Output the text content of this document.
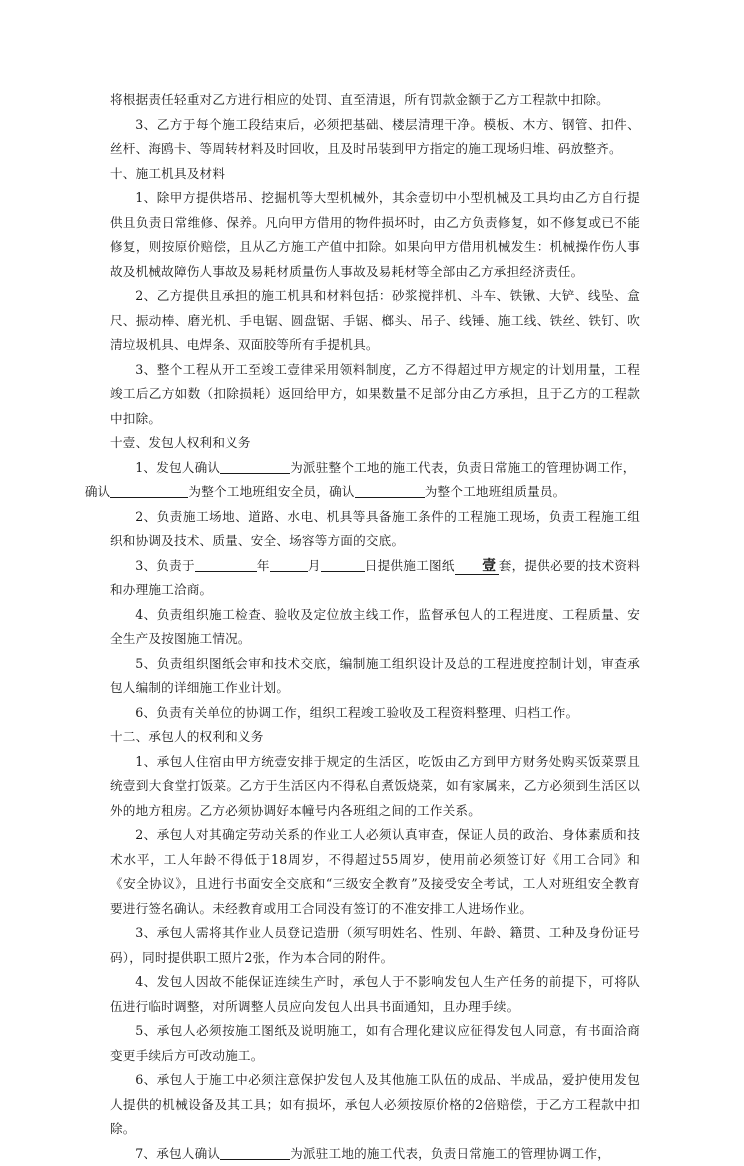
将根据责任轻重对乙方进行相应的处罚、直至清退，所有罚款金额于乙方工程款中扣除。

3、乙方于每个施工段结束后，必须把基础、楼层清理干净。模板、木方、钢管、扣件、丝杆、海鸥卡、等周转材料及时回收，且及时吊装到甲方指定的施工现场归堆、码放整齐。

十、施工机具及材料

1、除甲方提供塔吊、挖掘机等大型机械外，其余壹切中小型机械及工具均由乙方自行提供且负责日常维修、保养。凡向甲方借用的物件损坏时，由乙方负责修复，如不修复或已不能修复，则按原价赔偿，且从乙方施工产值中扣除。如果向甲方借用机械发生：机械操作伤人事故及机械故障伤人事故及易耗材质量伤人事故及易耗材等全部由乙方承担经济责任。

2、乙方提供且承担的施工机具和材料包括：砂浆搅拌机、斗车、铁锹、大铲、线坠、盒尺、振动棒、磨光机、手电锯、圆盘锯、手锯、榔头、吊子、线锤、施工线、铁丝、铁钉、吹清垃圾机具、电焊条、双面胶等所有手提机具。

3、整个工程从开工至竣工壹律采用领料制度，乙方不得超过甲方规定的计划用量，工程竣工后乙方如数（扣除损耗）返回给甲方，如果数量不足部分由乙方承担，且于乙方的工程款中扣除。

十壹、发包人权利和义务

1、发包人确认	为派驻整个工地的施工代表，负责日常施工的管理协调工作，
确认	为整个工地班组安全员，确认	为整个工地班组质量员。

2、负责施工场地、道路、水电、机具等具备施工条件的工程施工现场，负责工程施工组织和协调及技术、质量、安全、场容等方面的交底。

3、负责于	年	月	日提供施工图纸 壹 套，提供必要的技术资料和办理施工洽商。

4、负责组织施工检查、验收及定位放主线工作，监督承包人的工程进度、工程质量、安全生产及按图施工情况。

5、负责组织图纸会审和技术交底，编制施工组织设计及总的工程进度控制计划，审查承包人编制的详细施工作业计划。

6、负责有关单位的协调工作，组织工程竣工验收及工程资料整理、归档工作。

十二、承包人的权利和义务

1、承包人住宿由甲方统壹安排于规定的生活区，吃饭由乙方到甲方财务处购买饭菜票且统壹到大食堂打饭菜。乙方于生活区内不得私自煮饭烧菜，如有家属来，乙方必须到生活区以外的地方租房。乙方必须协调好本幢号内各班组之间的工作关系。

2、承包人对其确定劳动关系的作业工人必须认真审查，保证人员的政治、身体素质和技术水平，工人年龄不得低于18周岁，不得超过55周岁，使用前必须签订好《用工合同》和《安全协议》，且进行书面安全交底和“三级安全教育”及接受安全考试，工人对班组安全教育要进行签名确认。未经教育或用工合同没有签订的不准安排工人进场作业。

3、承包人需将其作业人员登记造册（须写明姓名、性别、年龄、籍贯、工种及身份证号码），同时提供职工照片2张，作为本合同的附件。

4、发包人因故不能保证连续生产时，承包人于不影响发包人生产任务的前提下，可将队伍进行临时调整，对所调整人员应向发包人出具书面通知，且办理手续。

5、承包人必须按施工图纸及说明施工，如有合理化建议应征得发包人同意，有书面洽商变更手续后方可改动施工。

6、承包人于施工中必须注意保护发包人及其他施工队伍的成品、半成品，爱护使用发包人提供的机械设备及其工具；如有损坏，承包人必须按原价格的2倍赔偿，于乙方工程款中扣除。

7、承包人确认	为派驻工地的施工代表，负责日常施工的管理协调工作，
